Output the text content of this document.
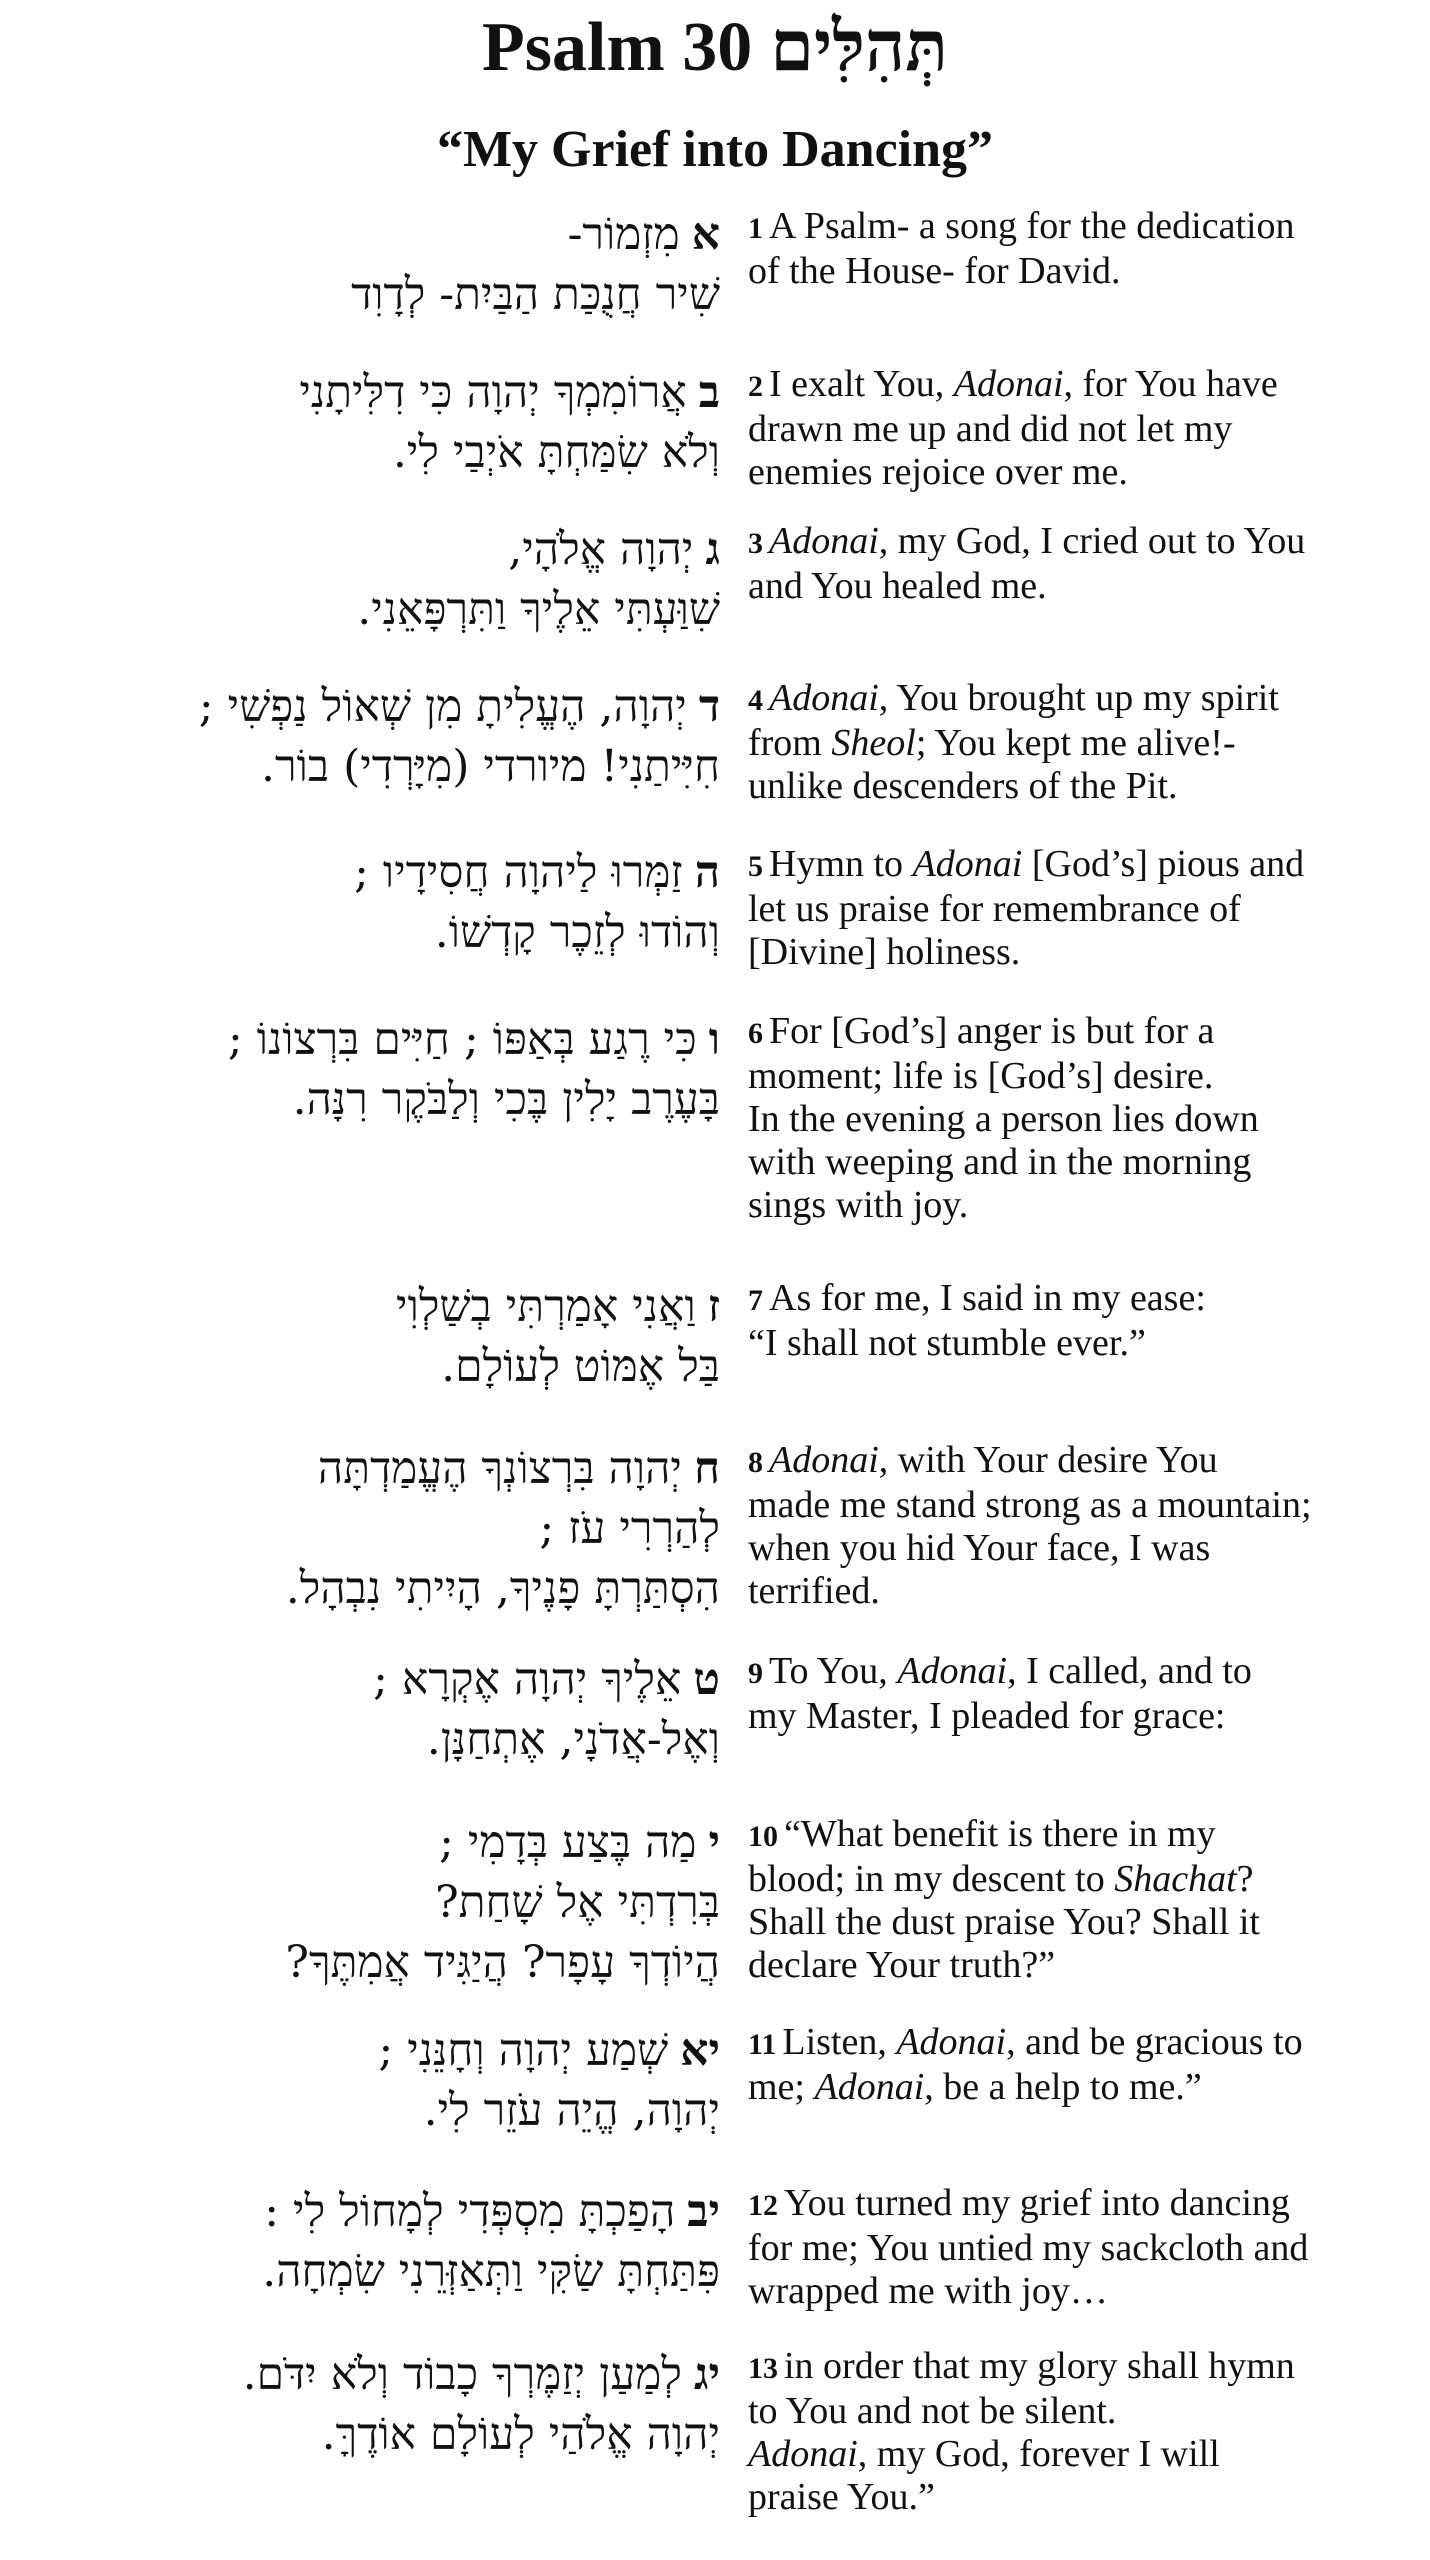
Psalm 30 תְּהִלִּים
“My Grief into Dancing”
אמִזְמוֹר-
שִׁיר חֲנֻכַּת הַבַּיִת- לְדָוִד
1 A Psalm- a song for the dedication
of the House- for David.
באֲרוֹמִמְךָ יְהוָה כִּי דִלִּיתָנִי
וְלֹא שִׂמַּחְתָּ אֹיְבַי לִי.
2 I exalt You, Adonai, for You have
drawn me up and did not let my
enemies rejoice over me.
גיְהוָה אֱלֹהָי,
שִׁוַּעְתִּי אֵלֶיךָ וַתִּרְפָּאֵנִי.
3 Adonai, my God, I cried out to You
and You healed me.
דיְהוָה, הֶעֱלִיתָ מִן שְׁאוֹל נַפְשִׁי ;
חִיִּיתַנִי! מיורדי (מִיָּרְדִי) בוֹר.
4 Adonai, You brought up my spirit
from Sheol; You kept me alive!-
unlike descenders of the Pit.
הזַמְּרוּ לַיהוָה חֲסִידָיו ;
וְהוֹדוּ לְזֵכֶר קָדְשׁוֹ.
5 Hymn to Adonai [God’s] pious and
let us praise for remembrance of
[Divine] holiness.
וכִּי רֶגַע בְּאַפּוֹ ; חַיִּים בִּרְצוֹנוֹ ;
בָּעֶרֶב יָלִין בֶּכִי וְלַבֹּקֶר רִנָּה.
6 For [God’s] anger is but for a
moment; life is [God’s] desire.
In the evening a person lies down
with weeping and in the morning
sings with joy.
זוַאֲנִי אָמַרְתִּי בְשַׁלְוִי
בַּל אֶמּוֹט לְעוֹלָם.
7 As for me, I said in my ease:
“I shall not stumble ever.”
חיְהוָה בִּרְצוֹנְךָ הֶעֱמַדְתָּה
לְהַרְרִי עֹז ;
הִסְתַּרְתָּ פָנֶיךָ, הָיִיתִי נִבְהָל.
8 Adonai, with Your desire You
made me stand strong as a mountain;
when you hid Your face, I was
terrified.
טאֵלֶיךָ יְהוָה אֶקְרָא ;
וְאֶל-אֲדֹנָי, אֶתְחַנָּן.
9 To You, Adonai, I called, and to
my Master, I pleaded for grace:
ימַה בֶּצַע בְּדָמִי ;
בְּרִדְתִּי אֶל שָׁחַת?
הֲיוֹדְךָ עָפָר? הֲיַגִּיד אֲמִתֶּךָ?
10 “What benefit is there in my
blood; in my descent to Shachat?
Shall the dust praise You? Shall it
declare Your truth?”
יאשְׁמַע יְהוָה וְחָנֵּנִי ;
יְהוָה, הֱיֵה עֹזֵר לִי.
11 Listen, Adonai, and be gracious to
me; Adonai, be a help to me.”
יבהָפַכְתָּ מִסְפְּדִי לְמָחוֹל לִי :
פִּתַּחְתָּ שַׂקִּי וַתְּאַזְּרֵנִי שִׂמְחָה.
12 You turned my grief into dancing
for me; You untied my sackcloth and
wrapped me with joy…
יגלְמַעַן יְזַמֶּרְךָ כָבוֹד וְלֹא יִדֹּם.
יְהוָה אֱלֹהַי לְעוֹלָם אוֹדֶךָּ.
13 in order that my glory shall hymn
to You and not be silent.
Adonai, my God, forever I will
praise You.”
